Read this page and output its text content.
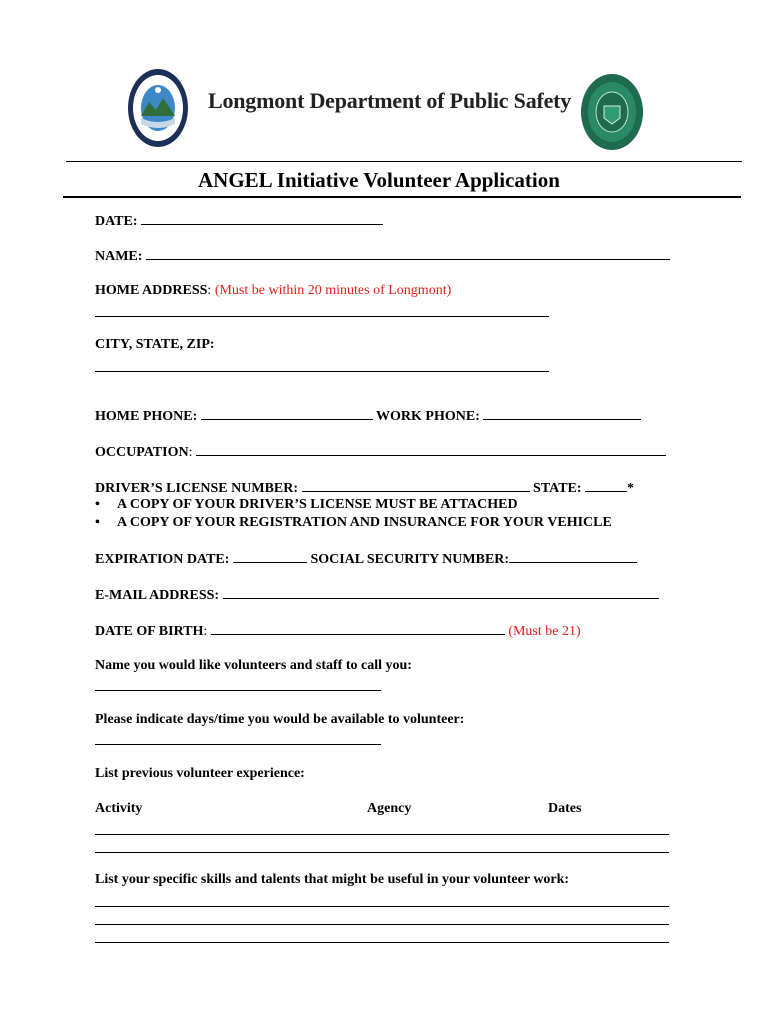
Longmont Department of Public Safety
ANGEL Initiative Volunteer Application
DATE:
NAME:
HOME ADDRESS: (Must be within 20 minutes of Longmont)
CITY, STATE, ZIP:
HOME PHONE:	WORK PHONE:
OCCUPATION:
DRIVER’S LICENSE NUMBER:	STATE:	*
• A COPY OF YOUR DRIVER’S LICENSE MUST BE ATTACHED
• A COPY OF YOUR REGISTRATION AND INSURANCE FOR YOUR VEHICLE
EXPIRATION DATE:	SOCIAL SECURITY NUMBER:
E-MAIL ADDRESS:
DATE OF BIRTH:	(Must be 21)
Name you would like volunteers and staff to call you:
Please indicate days/time you would be available to volunteer:
List previous volunteer experience:
Activity	Agency	Dates
List your specific skills and talents that might be useful in your volunteer work:
